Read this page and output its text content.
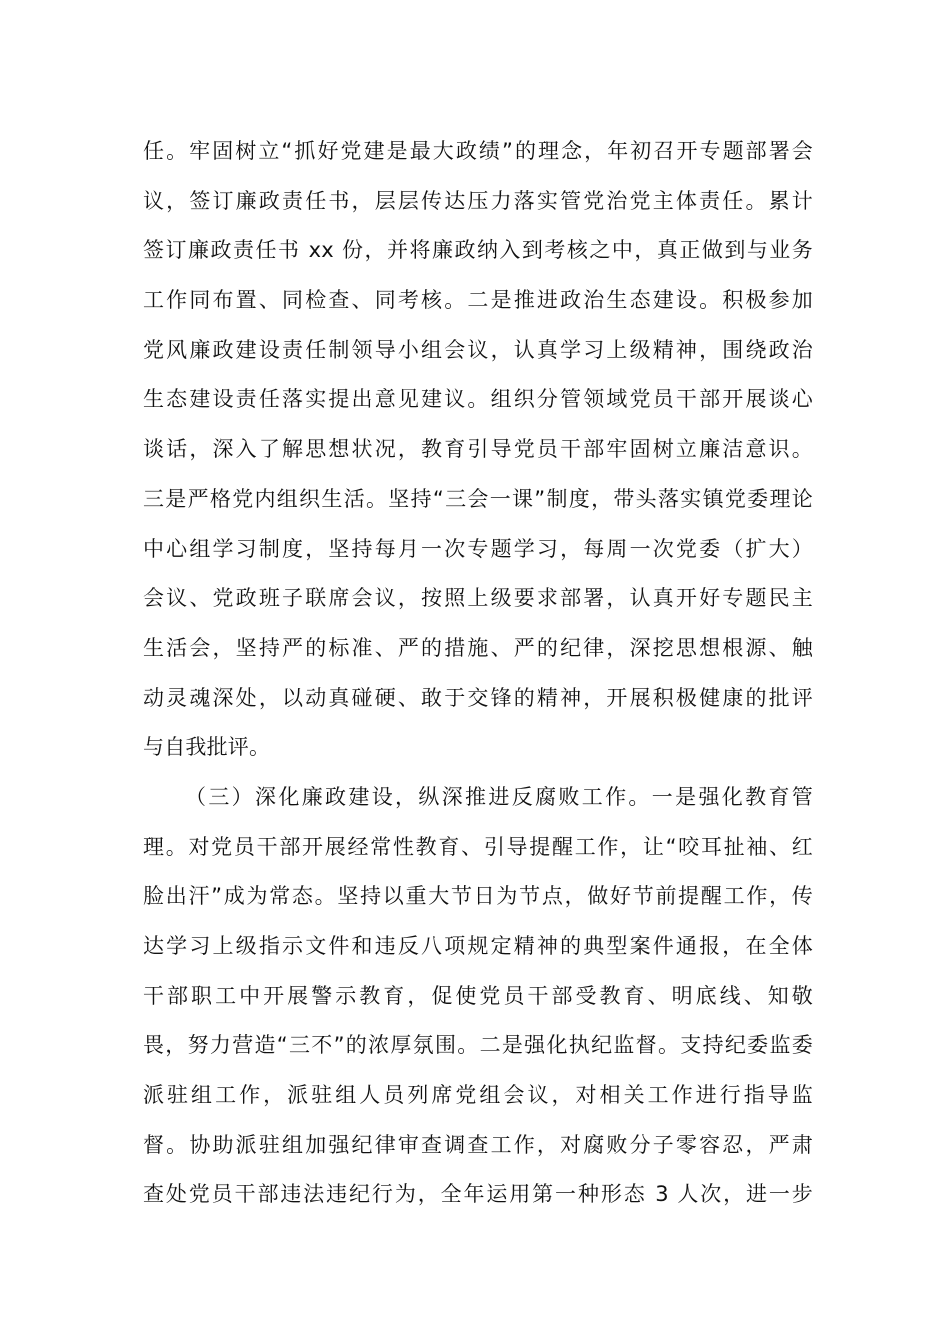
任。牢固树立“抓好党建是最大政绩”的理念，年初召开专题部署会
议，签订廉政责任书，层层传达压力落实管党治党主体责任。累计
签订廉政责任书 xx 份，并将廉政纳入到考核之中，真正做到与业务
工作同布置、同检查、同考核。二是推进政治生态建设。积极参加
党风廉政建设责任制领导小组会议，认真学习上级精神，围绕政治
生态建设责任落实提出意见建议。组织分管领域党员干部开展谈心
谈话，深入了解思想状况，教育引导党员干部牢固树立廉洁意识。
三是严格党内组织生活。坚持“三会一课”制度，带头落实镇党委理论
中心组学习制度，坚持每月一次专题学习，每周一次党委（扩大）
会议、党政班子联席会议，按照上级要求部署，认真开好专题民主
生活会，坚持严的标准、严的措施、严的纪律，深挖思想根源、触
动灵魂深处，以动真碰硬、敢于交锋的精神，开展积极健康的批评
与自我批评。
（三）深化廉政建设，纵深推进反腐败工作。一是强化教育管
理。对党员干部开展经常性教育、引导提醒工作，让“咬耳扯袖、红
脸出汗”成为常态。坚持以重大节日为节点，做好节前提醒工作，传
达学习上级指示文件和违反八项规定精神的典型案件通报，在全体
干部职工中开展警示教育，促使党员干部受教育、明底线、知敬
畏，努力营造“三不”的浓厚氛围。二是强化执纪监督。支持纪委监委
派驻组工作，派驻组人员列席党组会议，对相关工作进行指导监
督。协助派驻组加强纪律审查调查工作，对腐败分子零容忍，严肃
查处党员干部违法违纪行为，全年运用第一种形态 3 人次，进一步
